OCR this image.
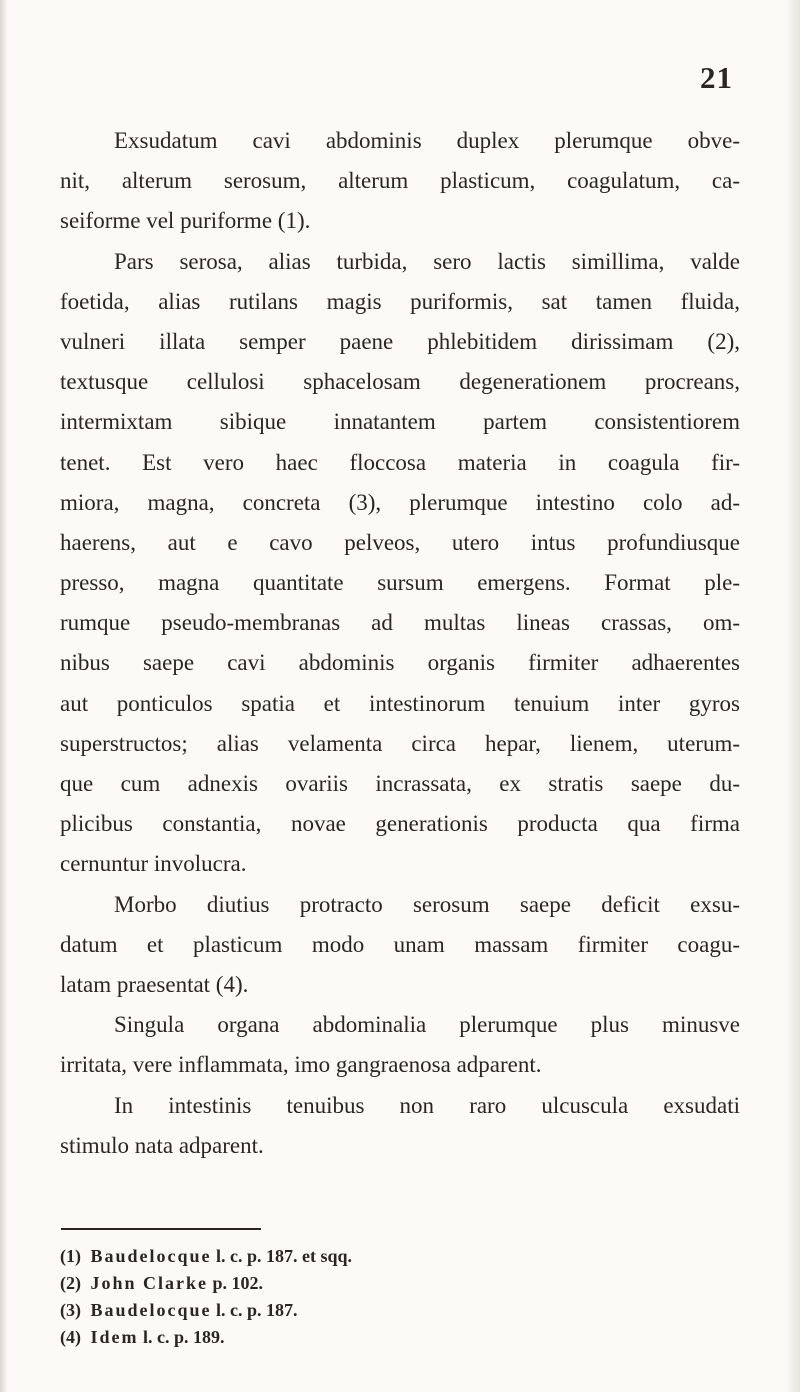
21
Exsudatum cavi abdominis duplex plerumque obve-
nit, alterum serosum, alterum plasticum, coagulatum, ca-
seiforme vel puriforme (1).
Pars serosa, alias turbida, sero lactis simillima, valde
foetida, alias rutilans magis puriformis, sat tamen fluida,
vulneri illata semper paene phlebitidem dirissimam (2),
textusque cellulosi sphacelosam degenerationem procreans,
intermixtam sibique innatantem partem consistentiorem
tenet. Est vero haec floccosa materia in coagula fir-
miora, magna, concreta (3), plerumque intestino colo ad-
haerens, aut e cavo pelveos, utero intus profundiusque
presso, magna quantitate sursum emergens. Format ple-
rumque pseudo-membranas ad multas lineas crassas, om-
nibus saepe cavi abdominis organis firmiter adhaerentes
aut ponticulos spatia et intestinorum tenuium inter gyros
superstructos; alias velamenta circa hepar, lienem, uterum-
que cum adnexis ovariis incrassata, ex stratis saepe du-
plicibus constantia, novae generationis producta qua firma
cernuntur involucra.
Morbo diutius protracto serosum saepe deficit exsu-
datum et plasticum modo unam massam firmiter coagu-
latam praesentat (4).
Singula organa abdominalia plerumque plus minusve
irritata, vere inflammata, imo gangraenosa adparent.
In intestinis tenuibus non raro ulcuscula exsudati
stimulo nata adparent.
(1) Baudelocque l. c. p. 187. et sqq.
(2) John Clarke p. 102.
(3) Baudelocque l. c. p. 187.
(4) Idem l. c. p. 189.
